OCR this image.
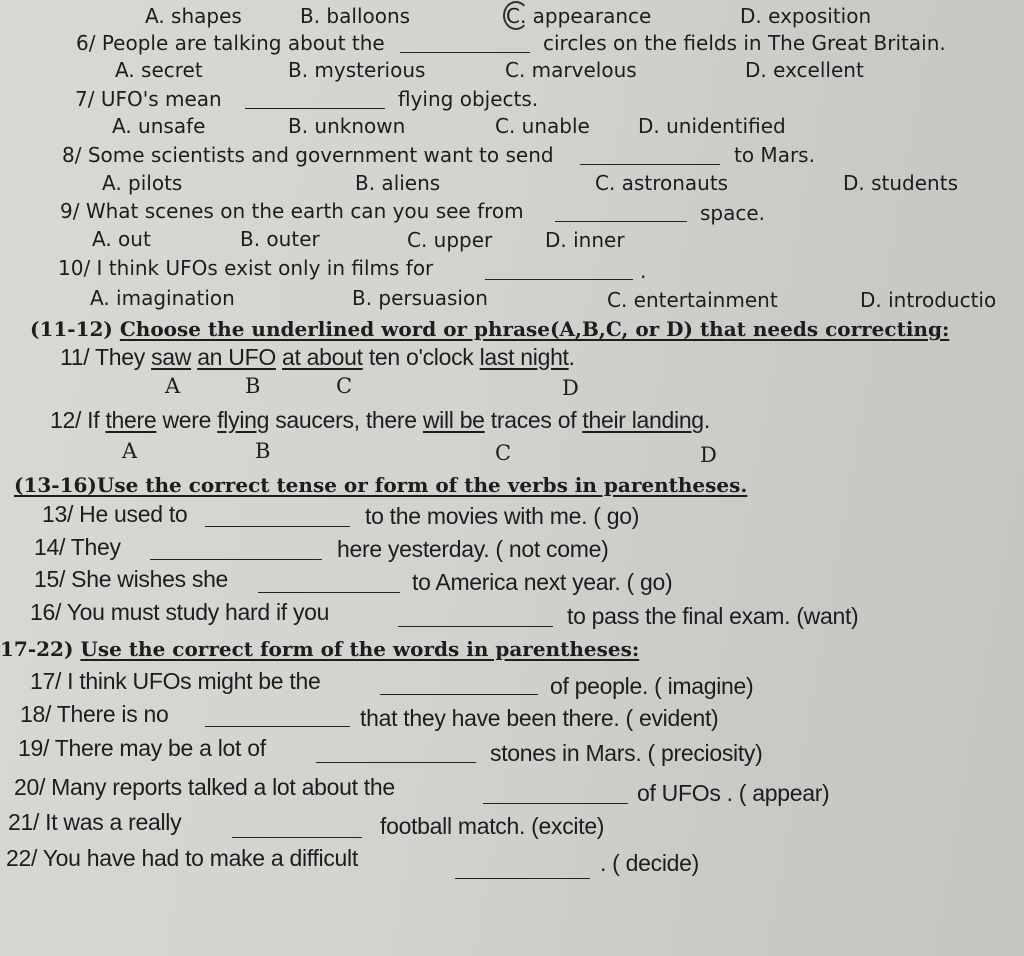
A. shapes	B. balloons	C. appearance	D. exposition
6/ People are talking about the	circles on the fields in The Great Britain.
A. secret	B. mysterious	C. marvelous	D. excellent
7/ UFO's mean	flying objects.
A. unsafe	B. unknown	C. unable D. unidentified
8/ Some scientists and government want to send	to Mars.
A. pilots	B. aliens	C. astronauts	D. students
9/ What scenes on the earth can you see from	space.
A. out	B. outer	C. upper	D. inner
10/ I think UFOs exist only in films for	.
A. imagination	B. persuasion	C. entertainment	D. introductio
(11-12) Choose the underlined word or phrase(A,B,C, or D) that needs correcting:
11/ They saw an UFO at about ten o'clock last night.
A	B	C	D
12/ If there were flying saucers, there will be traces of their landing.
A	B	C	D
(13-16)Use the correct tense or form of the verbs in parentheses.
13/ He used to	to the movies with me. ( go)
14/ They	here yesterday. ( not come)
15/ She wishes she	to America next year. ( go)
16/ You must study hard if you	to pass the final exam. (want)
17-22) Use the correct form of the words in parentheses:
17/ I think UFOs might be the	of people. ( imagine)
18/ There is no	that they have been there. ( evident)
19/ There may be a lot of	stones in Mars. ( preciosity)
20/ Many reports talked a lot about the	of UFOs . ( appear)
21/ It was a really	football match. (excite)
22/ You have had to make a difficult	. ( decide)
